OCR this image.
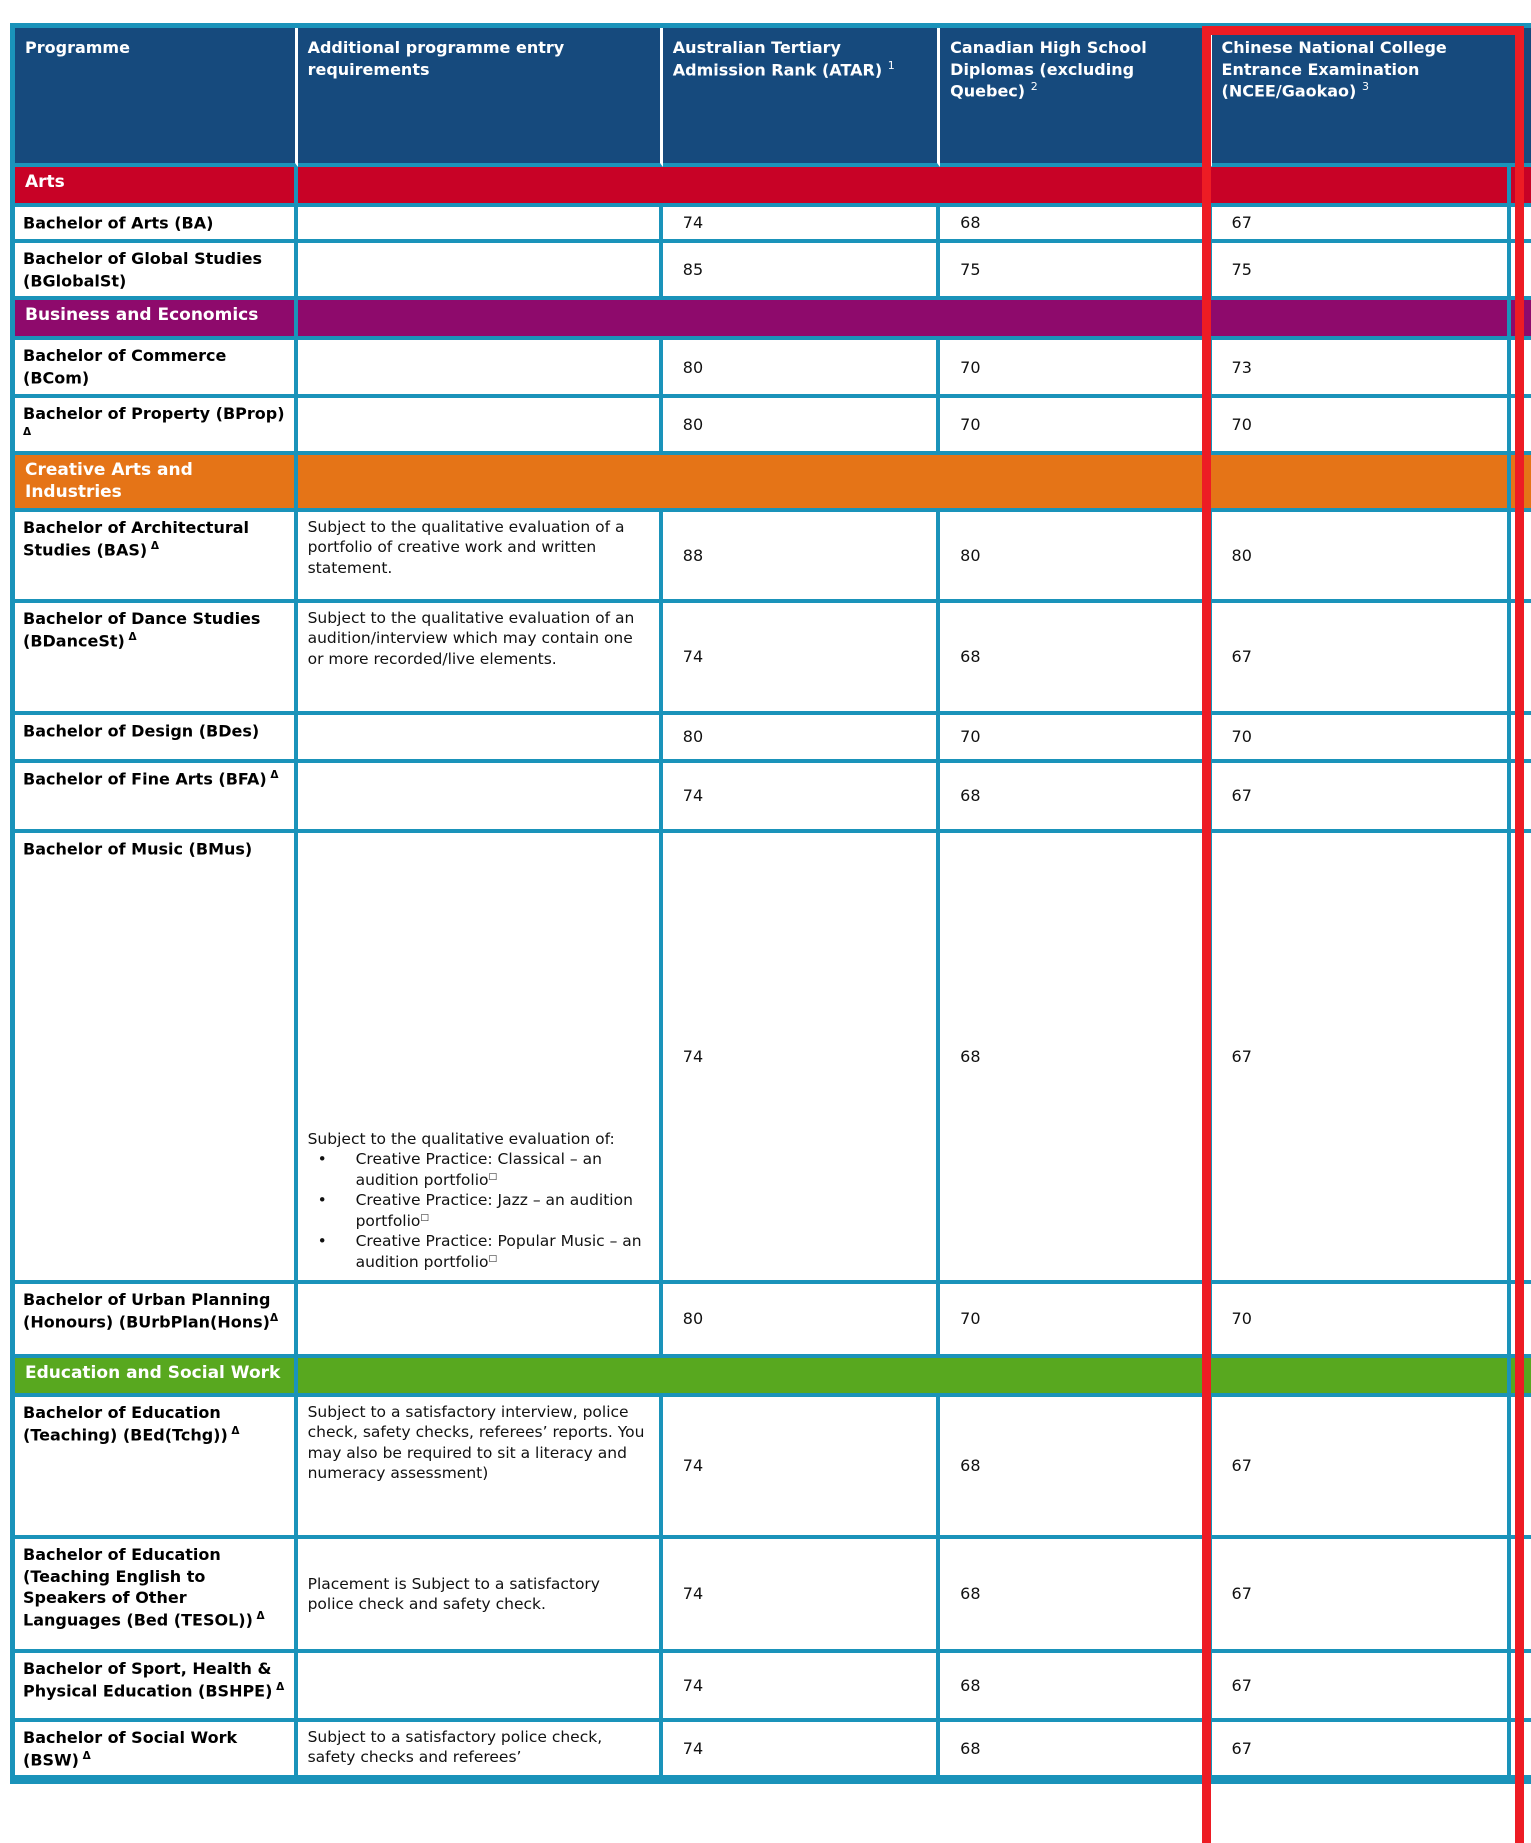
Programme	Additional programme entry requirements	Australian Tertiary Admission Rank (ATAR) $^1$	Canadian High School Diplomas (excluding Quebec) $^2$	Chinese National College Entrance Examination (NCEE/Gaokao) $^3$	
Arts					
Bachelor of Arts (BA)		74	68	67	
Bachelor of Global Studies (BGlobalSt)		85	75	75	
Business and Economics					
Bachelor of Commerce (BCom)		80	70	73	
Bachelor of Property (BProp) $^\Delta$		80	70	70	
Creative Arts and Industries					
Bachelor of Architectural Studies (BAS) $^\Delta$	Subject to the qualitative evaluation of a portfolio of creative work and written statement.	88	80	80	
Bachelor of Dance Studies (BDanceSt) $^\Delta$	Subject to the qualitative evaluation of an audition/interview which may contain one or more recorded/live elements.	74	68	67	
Bachelor of Design (BDes)		80	70	70	
Bachelor of Fine Arts (BFA) $^\Delta$		74	68	67	
Bachelor of Music (BMus)	Subject to the qualitative evaluation of:
• Creative Practice: Classical – an audition portfolio□
• Creative Practice: Jazz – an audition portfolio□
• Creative Practice: Popular Music – an audition portfolio□	74	68	67	
Bachelor of Urban Planning (Honours) (BUrbPlan(Hons)$^\Delta$		80	70	70	
Education and Social Work					
Bachelor of Education (Teaching) (BEd(Tchg)) $^\Delta$	Subject to a satisfactory interview, police check, safety checks, referees’ reports. You may also be required to sit a literacy and numeracy assessment)	74	68	67	
Bachelor of Education (Teaching English to Speakers of Other Languages (Bed (TESOL)) $^\Delta$	Placement is Subject to a satisfactory police check and safety check.	74	68	67	
Bachelor of Sport, Health & Physical Education (BSHPE) $^\Delta$		74	68	67	
Bachelor of Social Work (BSW) $^\Delta$	Subject to a satisfactory police check, safety checks and referees’	74	68	67	
